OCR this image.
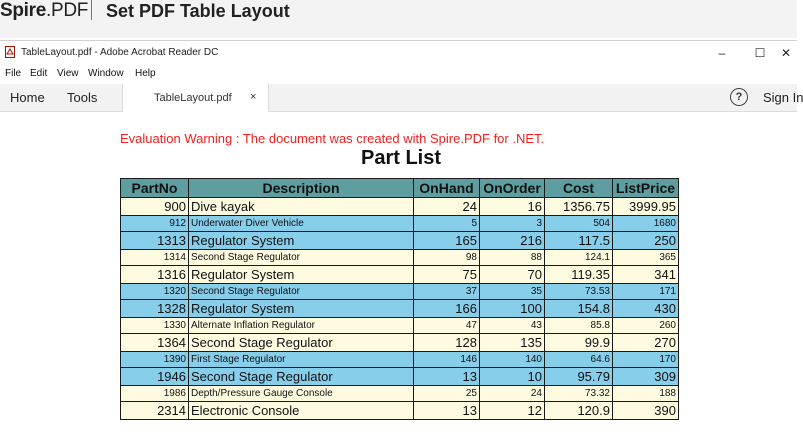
Spire.PDF Set PDF Table Layout
TableLayout.pdf - Adobe Acrobat Reader DC	–	☐	✕
File Edit View Window Help
Home Tools	TableLayout.pdf ×	?	Sign In
Evaluation Warning : The document was created with Spire.PDF for .NET.
Part List
PartNo	Description	OnHand	OnOrder	Cost	ListPrice
900	Dive kayak	24	16	1356.75	3999.95
912	Underwater Diver Vehicle	5	3	504	1680
1313	Regulator System	165	216	117.5	250
1314	Second Stage Regulator	98	88	124.1	365
1316	Regulator System	75	70	119.35	341
1320	Second Stage Regulator	37	35	73.53	171
1328	Regulator System	166	100	154.8	430
1330	Alternate Inflation Regulator	47	43	85.8	260
1364	Second Stage Regulator	128	135	99.9	270
1390	First Stage Regulator	146	140	64.6	170
1946	Second Stage Regulator	13	10	95.79	309
1986	Depth/Pressure Gauge Console	25	24	73.32	188
2314	Electronic Console	13	12	120.9	390
